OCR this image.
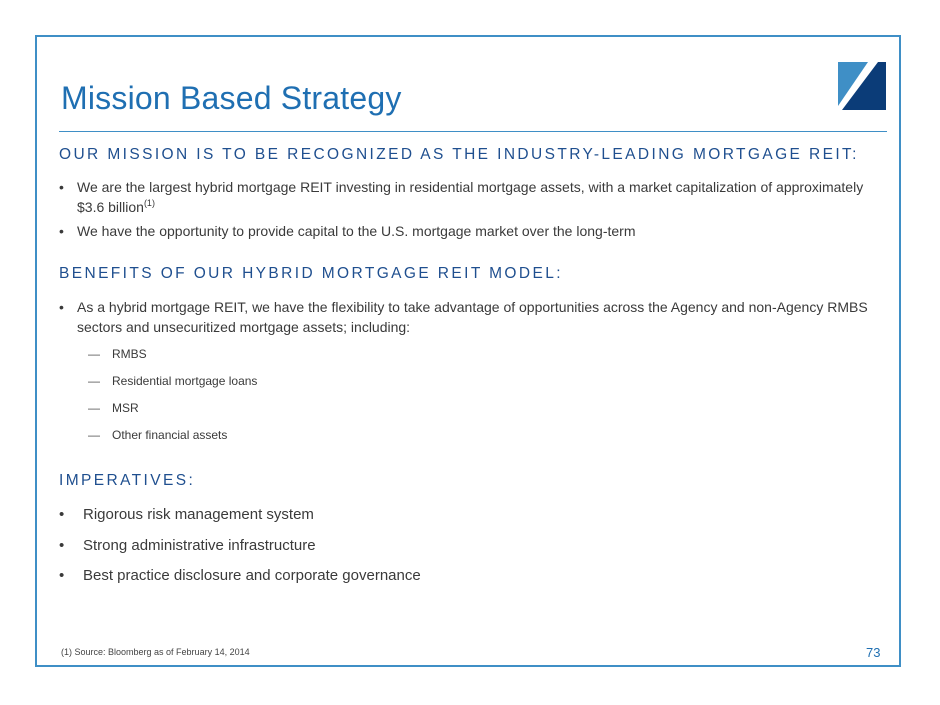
Mission Based Strategy
OUR MISSION IS TO BE RECOGNIZED AS THE INDUSTRY-LEADING MORTGAGE REIT:
• We are the largest hybrid mortgage REIT investing in residential mortgage assets, with a market capitalization of approximately $3.6 billion$^{(1)}$
• We have the opportunity to provide capital to the U.S. mortgage market over the long-term
BENEFITS OF OUR HYBRID MORTGAGE REIT MODEL:
• As a hybrid mortgage REIT, we have the flexibility to take advantage of opportunities across the Agency and non-Agency RMBS sectors and unsecuritized mortgage assets; including:
— RMBS
— Residential mortgage loans
— MSR
— Other financial assets
IMPERATIVES:
• Rigorous risk management system
• Strong administrative infrastructure
• Best practice disclosure and corporate governance
(1) Source: Bloomberg as of February 14, 2014	73
